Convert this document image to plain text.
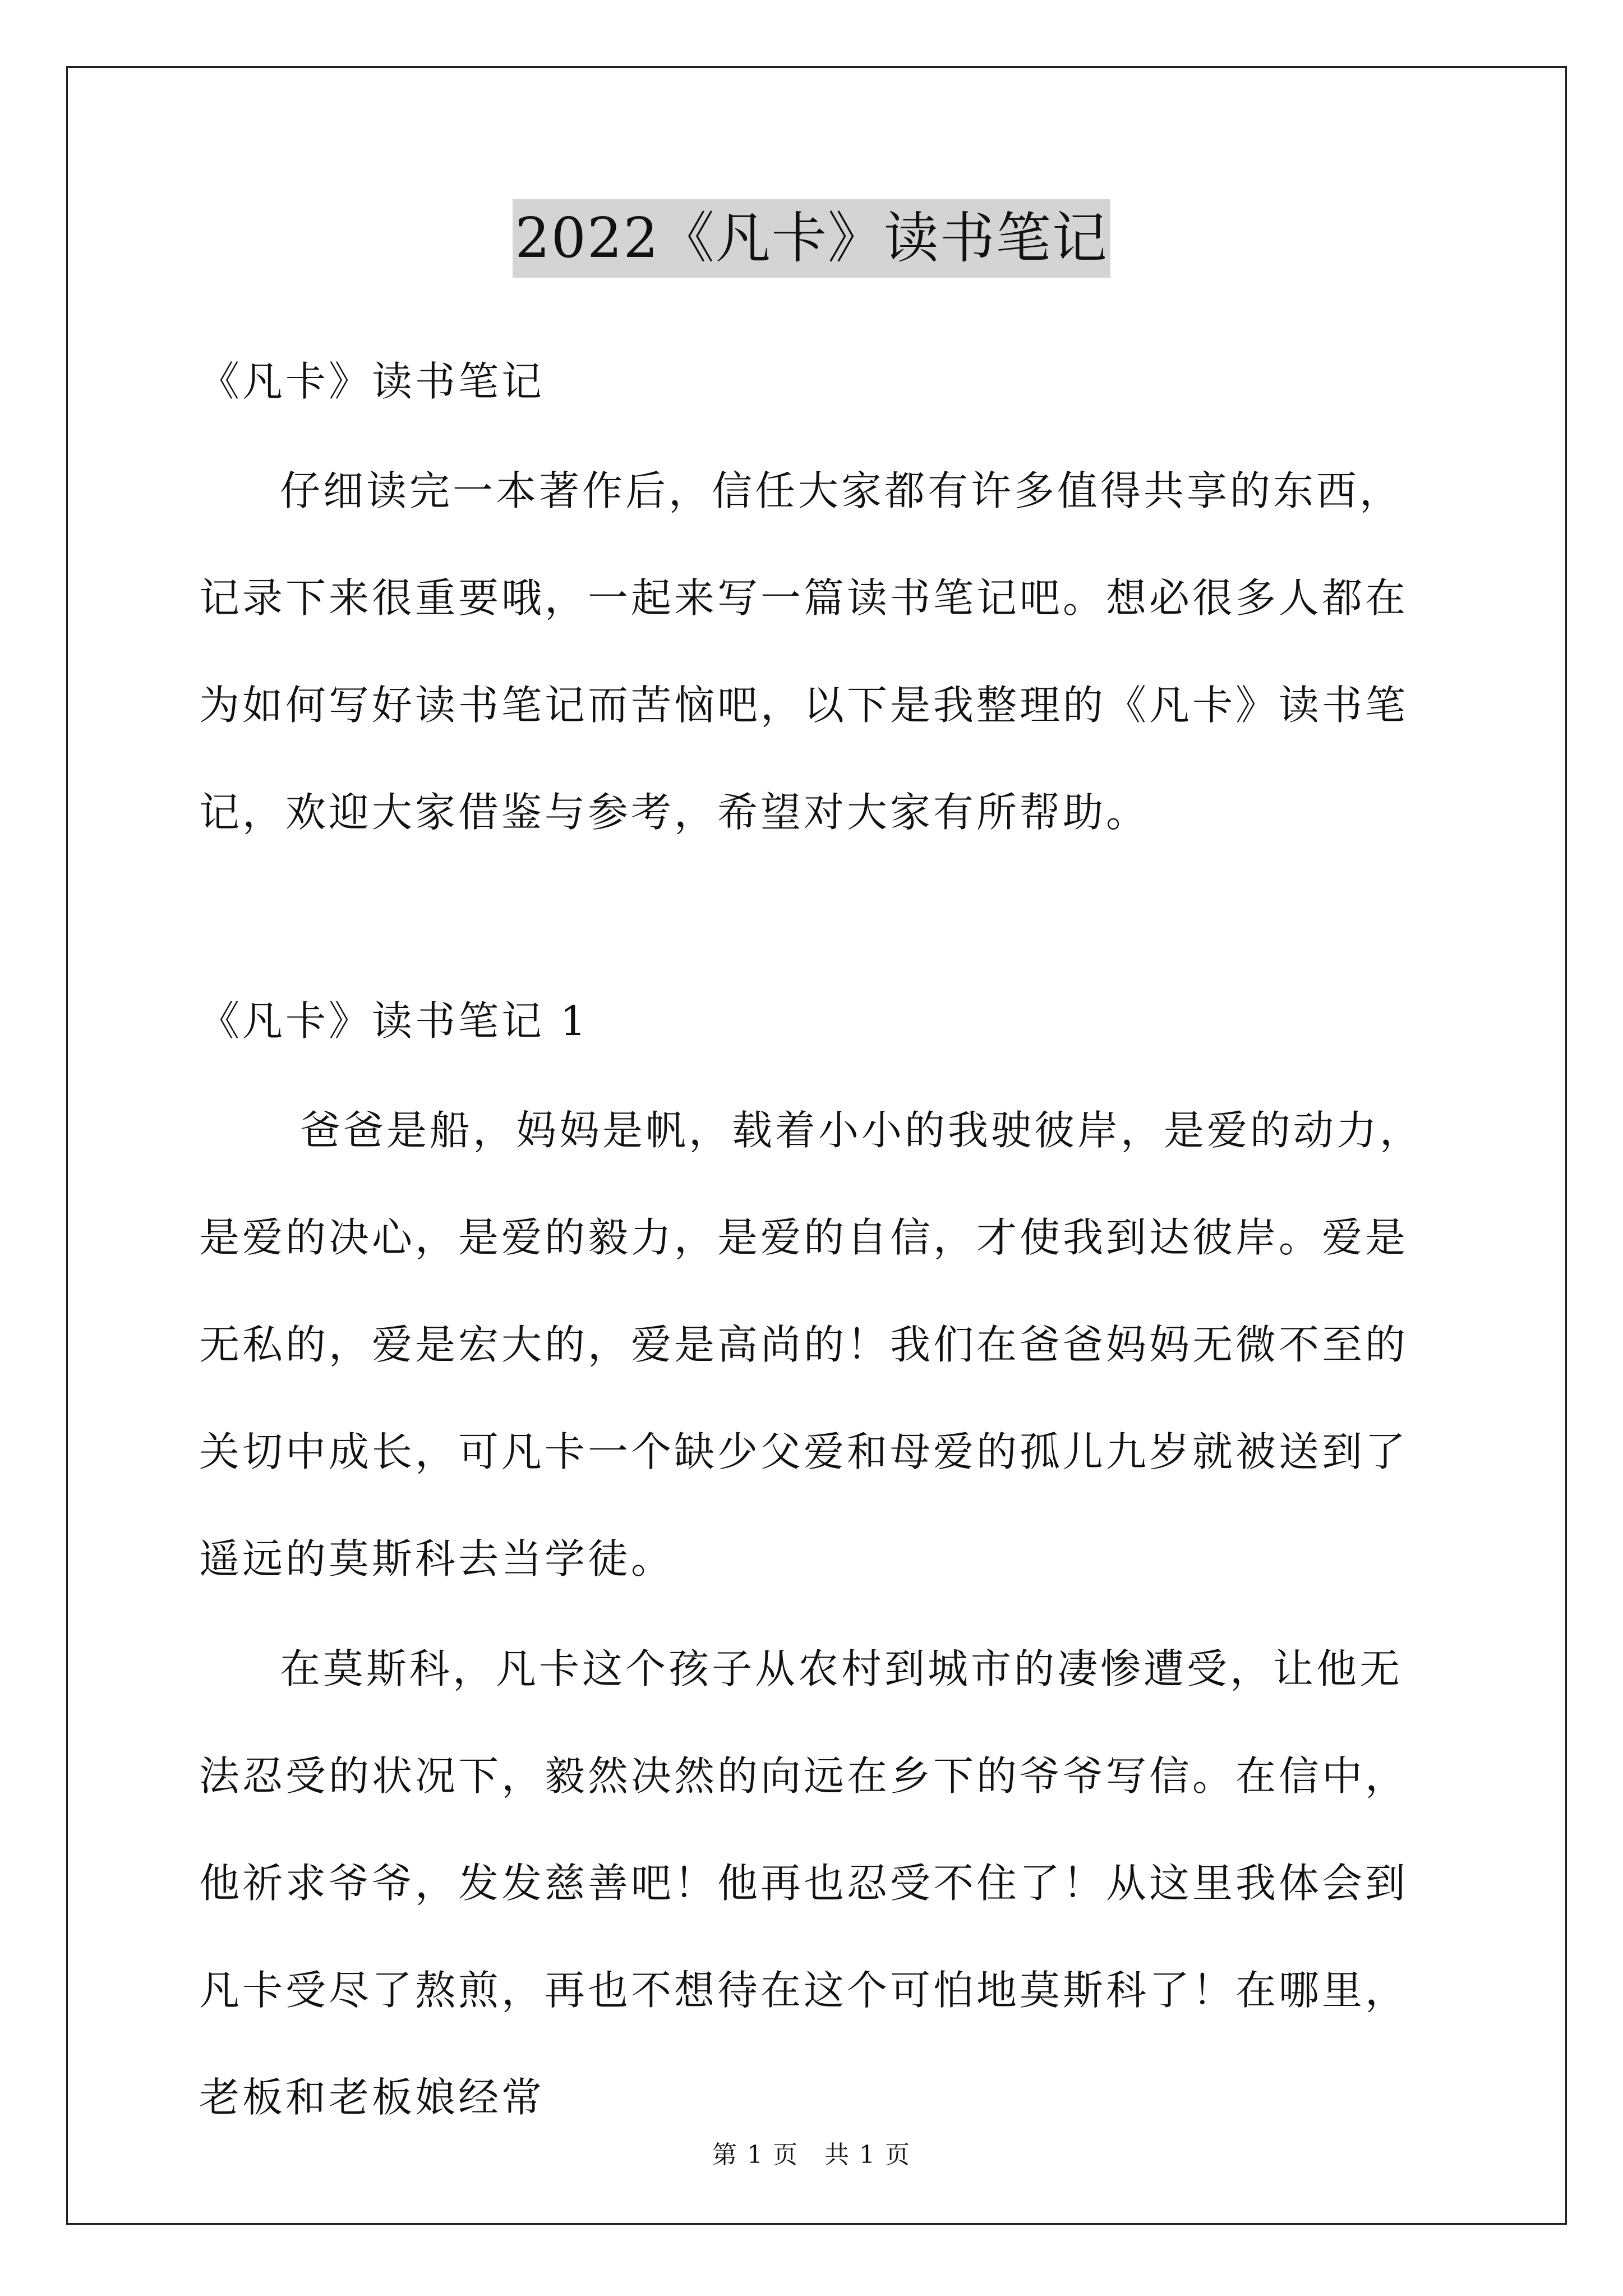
2022《凡卡》读书笔记
《凡卡》读书笔记

仔细读完一本著作后，信任大家都有许多值得共享的东西，记录下来很重要哦，一起来写一篇读书笔记吧。想必很多人都在为如何写好读书笔记而苦恼吧，以下是我整理的《凡卡》读书笔记，欢迎大家借鉴与参考，希望对大家有所帮助。

《凡卡》读书笔记 1

爸爸是船，妈妈是帆，载着小小的我驶彼岸，是爱的动力，是爱的决心，是爱的毅力，是爱的自信，才使我到达彼岸。爱是无私的，爱是宏大的，爱是高尚的！我们在爸爸妈妈无微不至的关切中成长，可凡卡一个缺少父爱和母爱的孤儿九岁就被送到了遥远的莫斯科去当学徒。

在莫斯科，凡卡这个孩子从农村到城市的凄惨遭受，让他无法忍受的状况下，毅然决然的向远在乡下的爷爷写信。在信中，他祈求爷爷，发发慈善吧！他再也忍受不住了！从这里我体会到凡卡受尽了熬煎，再也不想待在这个可怕地莫斯科了！在哪里，老板和老板娘经常

第 1 页　共 1 页
